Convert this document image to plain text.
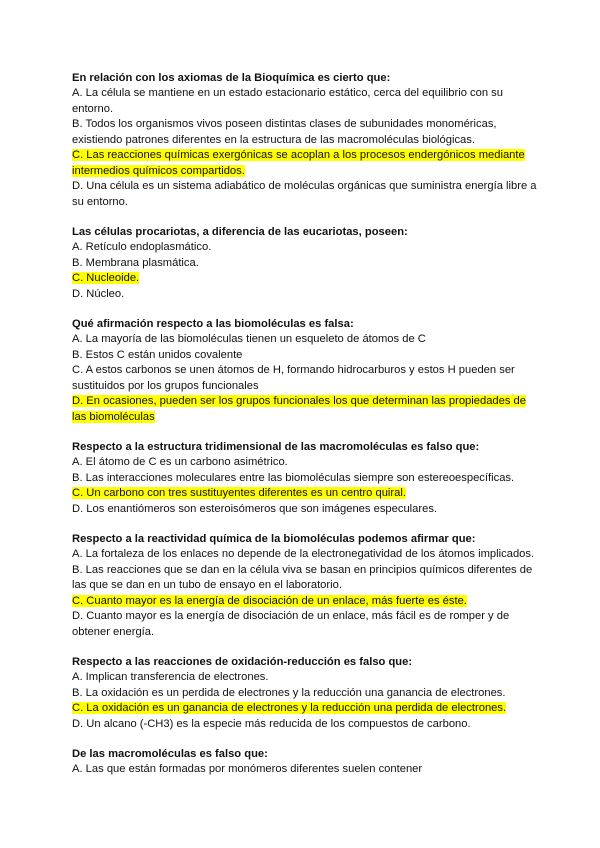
En relación con los axiomas de la Bioquímica es cierto que:

A. La célula se mantiene en un estado estacionario estático, cerca del equilibrio con su entorno.

B. Todos los organismos vivos poseen distintas clases de subunidades monoméricas, existiendo patrones diferentes en la estructura de las macromoléculas biológicas.

C. Las reacciones químicas exergónicas se acoplan a los procesos endergónicos mediante intermedios químicos compartidos.

D. Una célula es un sistema adiabático de moléculas orgánicas que suministra energía libre a su entorno.

Las células procariotas, a diferencia de las eucariotas, poseen:

A. Retículo endoplasmático.

B. Membrana plasmática.

C. Nucleoide.

D. Núcleo.

Qué afirmación respecto a las biomoléculas es falsa:

A. La mayoría de las biomoléculas tienen un esqueleto de átomos de C

B. Estos C están unidos covalente

C. A estos carbonos se unen átomos de H, formando hidrocarburos y estos H pueden ser sustituidos por los grupos funcionales

D. En ocasiones, pueden ser los grupos funcionales los que determinan las propiedades de las biomoléculas

Respecto a la estructura tridimensional de las macromoléculas es falso que:

A. El átomo de C es un carbono asimétrico.

B. Las interacciones moleculares entre las biomoléculas siempre son estereoespecíficas.

C. Un carbono con tres sustituyentes diferentes es un centro quiral.

D. Los enantiómeros son esteroisómeros que son imágenes especulares.

Respecto a la reactividad química de la biomoléculas podemos afirmar que:

A. La fortaleza de los enlaces no depende de la electronegatividad de los átomos implicados.

B. Las reacciones que se dan en la célula viva se basan en principios químicos diferentes de las que se dan en un tubo de ensayo en el laboratorio.

C. Cuanto mayor es la energía de disociación de un enlace, más fuerte es éste.

D. Cuanto mayor es la energía de disociación de un enlace, más fácil es de romper y de obtener energía.

Respecto a las reacciones de oxidación-reducción es falso que:

A. Implican transferencia de electrones.

B. La oxidación es un perdida de electrones y la reducción una ganancia de electrones.

C. La oxidación es un ganancia de electrones y la reducción una perdida de electrones.

D. Un alcano (-CH3) es la especie más reducida de los compuestos de carbono.

De las macromoléculas es falso que:

A. Las que están formadas por monómeros diferentes suelen contener
